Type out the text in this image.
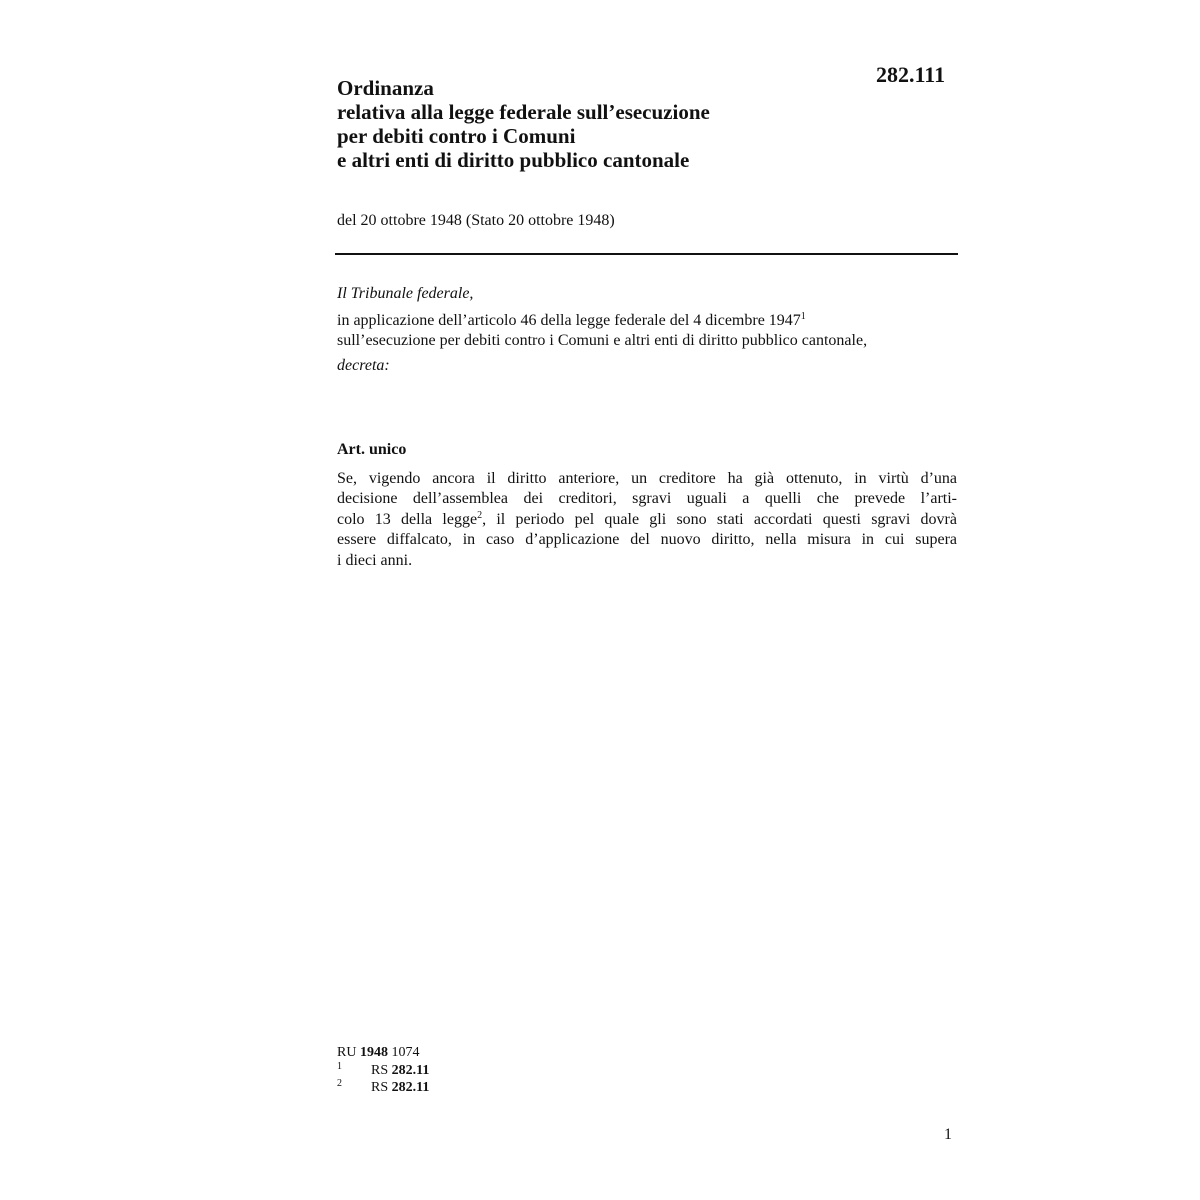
282.111
Ordinanza
relativa alla legge federale sull’esecuzione
per debiti contro i Comuni
e altri enti di diritto pubblico cantonale
del 20 ottobre 1948 (Stato 20 ottobre 1948)
Il Tribunale federale,
in applicazione dell’articolo 46 della legge federale del 4 dicembre 1947$^1$
sull’esecuzione per debiti contro i Comuni e altri enti di diritto pubblico cantonale,
decreta:
Art. unico
Se, vigendo ancora il diritto anteriore, un creditore ha già ottenuto, in virtù d’una
decisione dell’assemblea dei creditori, sgravi uguali a quelli che prevede l’arti-
colo 13 della legge$^2$, il periodo pel quale gli sono stati accordati questi sgravi dovrà
essere diffalcato, in caso d’applicazione del nuovo diritto, nella misura in cui supera
i dieci anni.
RU 1948 1074
1	RS 282.11
2	RS 282.11
1
